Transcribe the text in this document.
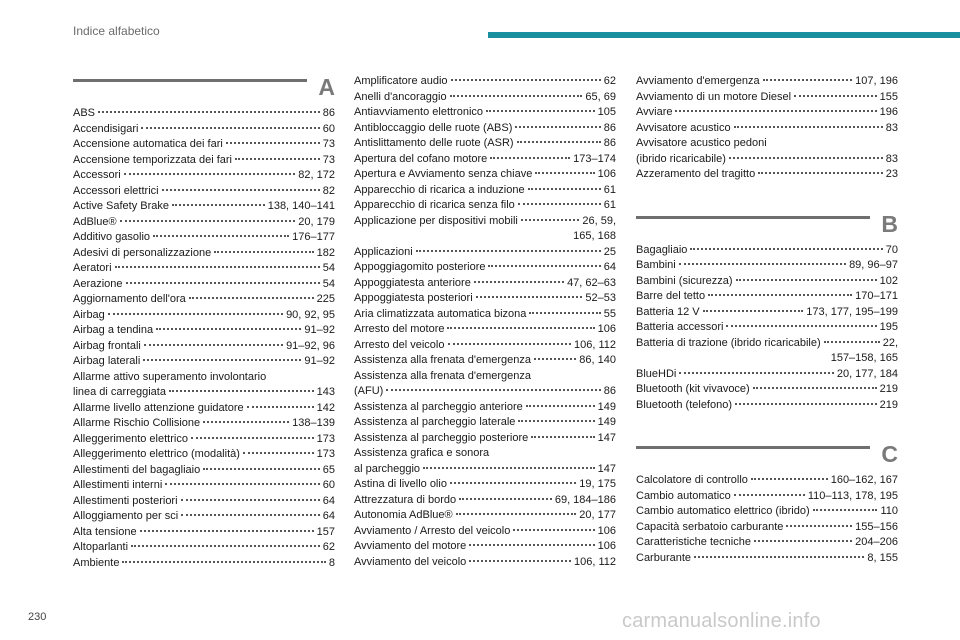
Indice alfabetico
A
ABS	86
Accendisigari	60
Accensione automatica dei fari	73
Accensione temporizzata dei fari	73
Accessori	82, 172
Accessori elettrici	82
Active Safety Brake	138, 140–141
AdBlue®	20, 179
Additivo gasolio	176–177
Adesivi di personalizzazione	182
Aeratori	54
Aerazione	54
Aggiornamento dell'ora	225
Airbag	90, 92, 95
Airbag a tendina	91–92
Airbag frontali	91–92, 96
Airbag laterali	91–92
Allarme attivo superamento involontario
linea di carreggiata	143
Allarme livello attenzione guidatore	142
Allarme Rischio Collisione	138–139
Alleggerimento elettrico	173
Alleggerimento elettrico (modalità)	173
Allestimenti del bagagliaio	65
Allestimenti interni	60
Allestimenti posteriori	64
Alloggiamento per sci	64
Alta tensione	157
Altoparlanti	62
Ambiente	8
Amplificatore audio	62
Anelli d'ancoraggio	65, 69
Antiavviamento elettronico	105
Antibloccaggio delle ruote (ABS)	86
Antislittamento delle ruote (ASR)	86
Apertura del cofano motore	173–174
Apertura e Avviamento senza chiave	106
Apparecchio di ricarica a induzione	61
Apparecchio di ricarica senza filo	61
Applicazione per dispositivi mobili	26, 59,
165, 168
Applicazioni	25
Appoggiagomito posteriore	64
Appoggiatesta anteriore	47, 62–63
Appoggiatesta posteriori	52–53
Aria climatizzata automatica bizona	55
Arresto del motore	106
Arresto del veicolo	106, 112
Assistenza alla frenata d'emergenza	86, 140
Assistenza alla frenata d'emergenza
(AFU)	86
Assistenza al parcheggio anteriore	149
Assistenza al parcheggio laterale	149
Assistenza al parcheggio posteriore	147
Assistenza grafica e sonora
al parcheggio	147
Astina di livello olio	19, 175
Attrezzatura di bordo	69, 184–186
Autonomia AdBlue®	20, 177
Avviamento / Arresto del veicolo	106
Avviamento del motore	106
Avviamento del veicolo	106, 112
Avviamento d'emergenza	107, 196
Avviamento di un motore Diesel	155
Avviare	196
Avvisatore acustico	83
Avvisatore acustico pedoni
(ibrido ricaricabile)	83
Azzeramento del tragitto	23
B
Bagagliaio	70
Bambini	89, 96–97
Bambini (sicurezza)	102
Barre del tetto	170–171
Batteria 12 V	173, 177, 195–199
Batteria accessori	195
Batteria di trazione (ibrido ricaricabile)	22,
157–158, 165
BlueHDi	20, 177, 184
Bluetooth (kit vivavoce)	219
Bluetooth (telefono)	219
C
Calcolatore di controllo	160–162, 167
Cambio automatico	110–113, 178, 195
Cambio automatico elettrico (ibrido)	110
Capacità serbatoio carburante	155–156
Caratteristiche tecniche	204–206
Carburante	8, 155
230	carmanualsonline.info
